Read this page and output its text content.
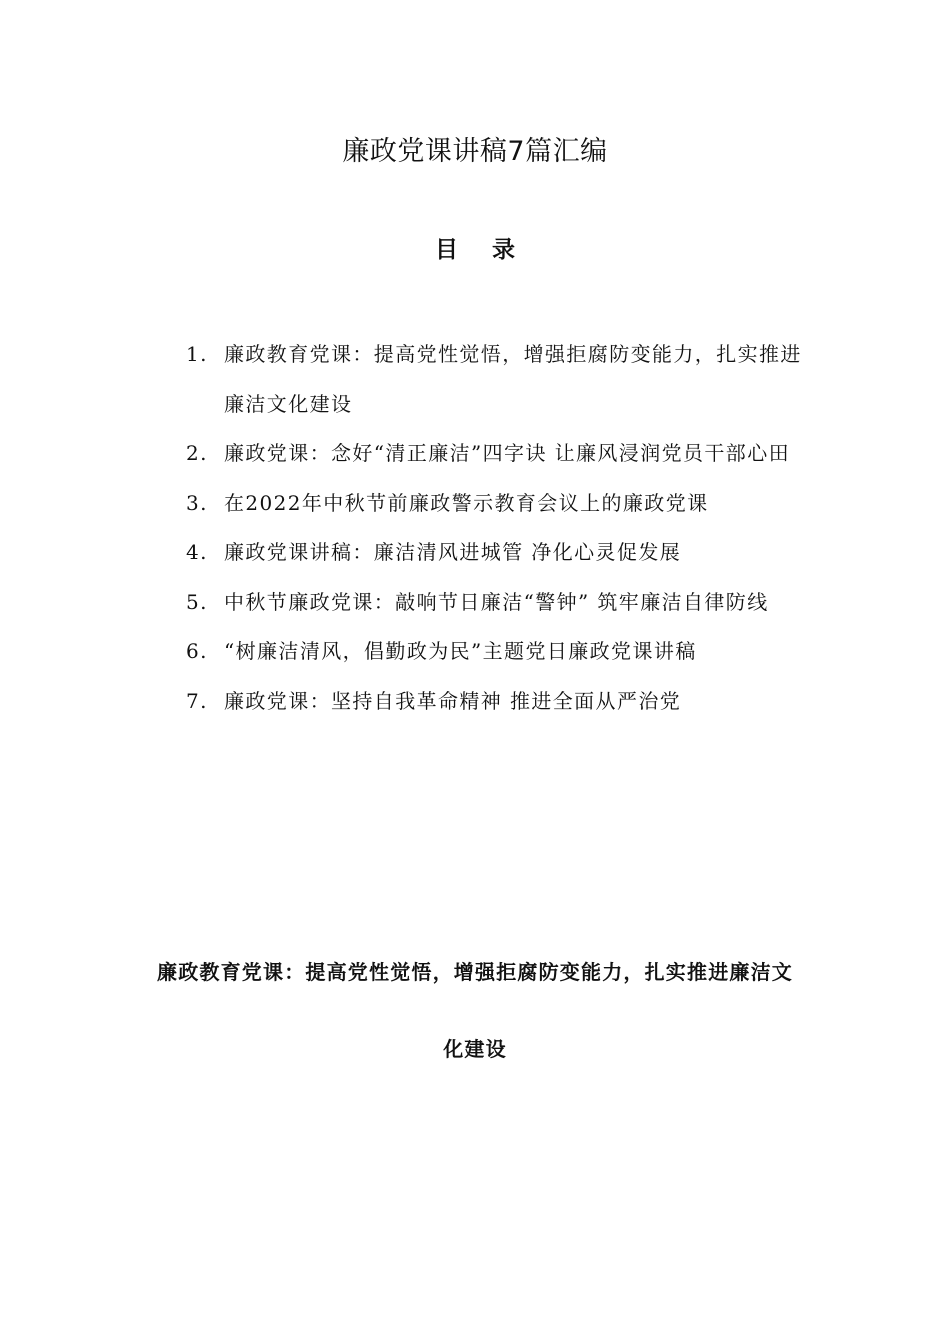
廉政党课讲稿7篇汇编
目 录
1. 廉政教育党课：提高党性觉悟，增强拒腐防变能力，扎实推进廉洁文化建设
2. 廉政党课：念好“清正廉洁”四字诀 让廉风浸润党员干部心田
3. 在2022年中秋节前廉政警示教育会议上的廉政党课
4. 廉政党课讲稿：廉洁清风进城管 净化心灵促发展
5. 中秋节廉政党课：敲响节日廉洁“警钟” 筑牢廉洁自律防线
6. “树廉洁清风，倡勤政为民”主题党日廉政党课讲稿
7. 廉政党课：坚持自我革命精神 推进全面从严治党
廉政教育党课：提高党性觉悟，增强拒腐防变能力，扎实推进廉洁文化建设
